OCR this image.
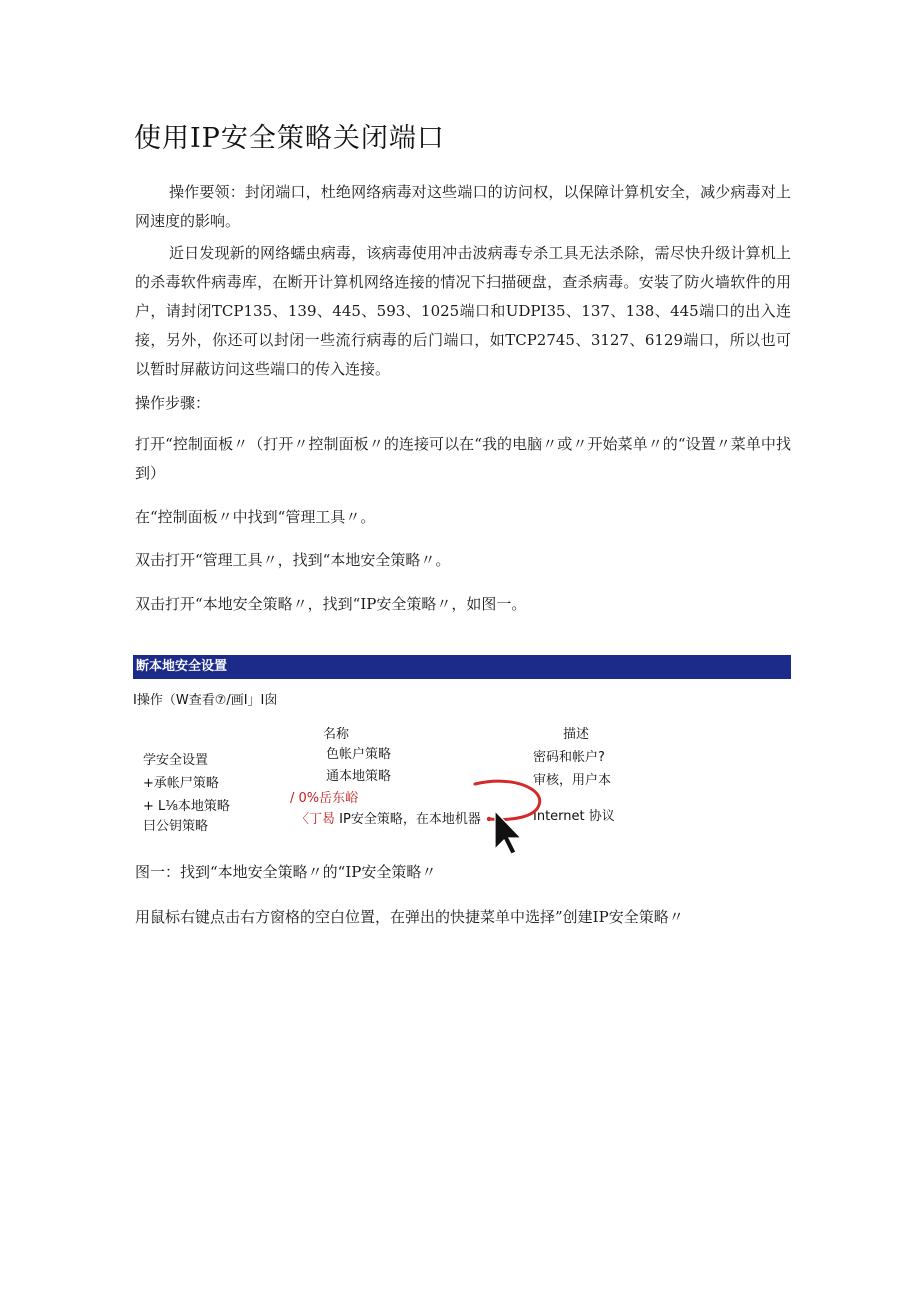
使用IP安全策略关闭端口
操作要领：封闭端口，杜绝网络病毒对这些端口的访问权，以保障计算机安全，减少病毒对上网速度的影响。
近日发现新的网络蠕虫病毒，该病毒使用冲击波病毒专杀工具无法杀除，需尽快升级计算机上的杀毒软件病毒库，在断开计算机网络连接的情况下扫描硬盘，查杀病毒。安装了防火墙软件的用户，请封闭TCP135、139、445、593、1025端口和UDPI35、137、138、445端口的出入连接，另外，你还可以封闭一些流行病毒的后门端口，如TCP2745、3127、6129端口，所以也可以暂时屏蔽访问这些端口的传入连接。
操作步骤：
打开“控制面板〃（打开〃控制面板〃的连接可以在“我的电脑〃或〃开始菜单〃的“设置〃菜单中找到）
在“控制面板〃中找到“管理工具〃。
双击打开“管理工具〃，找到“本地安全策略〃。
双击打开“本地安全策略〃，找到“IP安全策略〃，如图一。
断本地安全设置
I操作（W查看⑦/画I」I囱
名称	描述
学安全设置
+承帐尸策略
+ L⅛本地策略
曰公钥策略
色帐户策略
通本地策略
/ 0%岳东峪
〈丁曷 IP安全策略，在本地机器
密码和帐户?
审核，用户本
Internet 协议
图一：找到“本地安全策略〃的“IP安全策略〃
用鼠标右键点击右方窗格的空白位置，在弹出的快捷菜单中选择”创建IP安全策略〃
